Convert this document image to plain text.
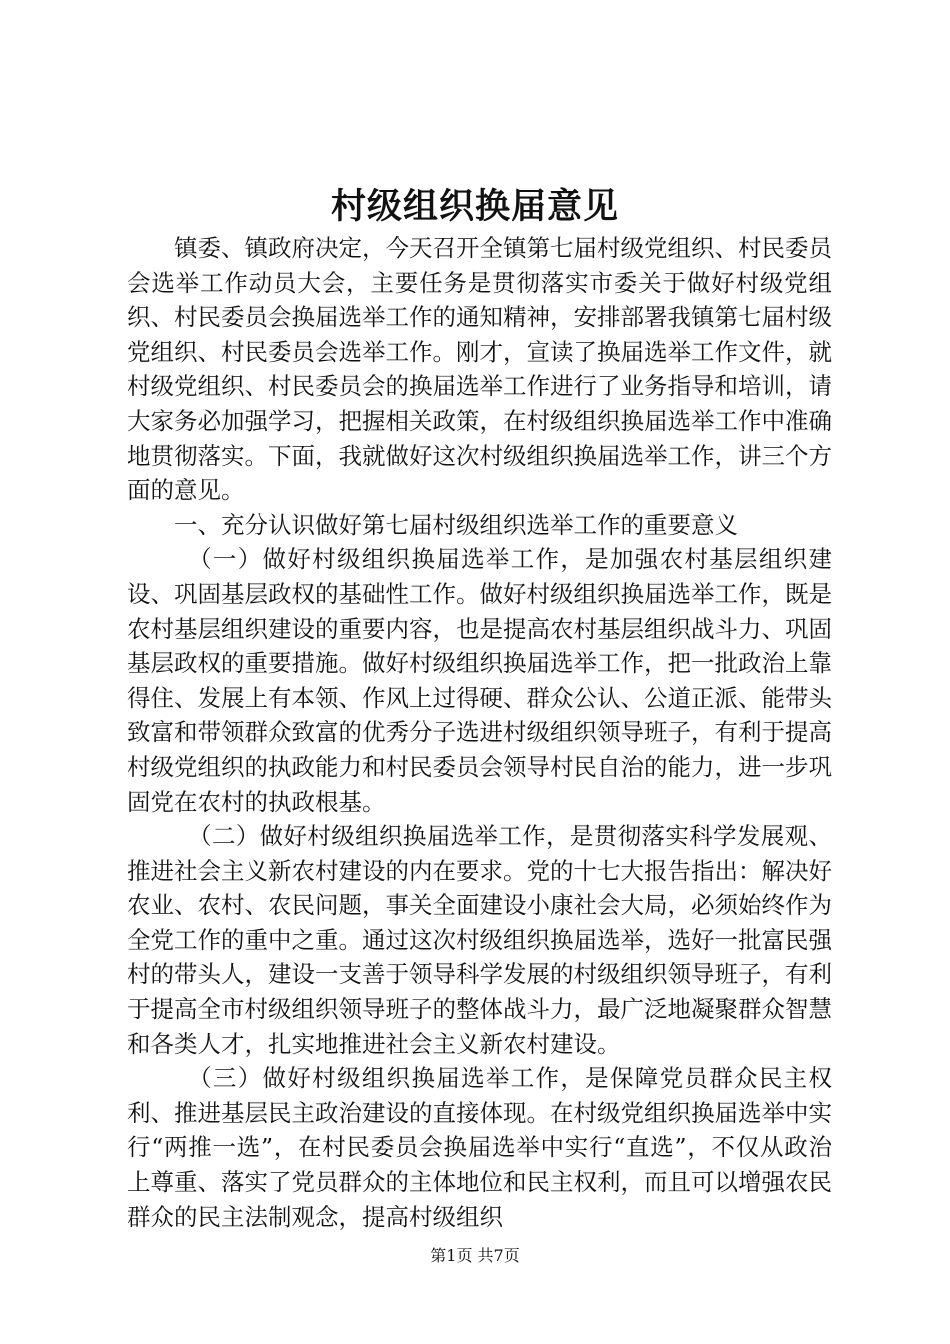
村级组织换届意见

镇委、镇政府决定，今天召开全镇第七届村级党组织、村民委员会选举工作动员大会，主要任务是贯彻落实市委关于做好村级党组织、村民委员会换届选举工作的通知精神，安排部署我镇第七届村级党组织、村民委员会选举工作。刚才，宣读了换届选举工作文件，就村级党组织、村民委员会的换届选举工作进行了业务指导和培训，请大家务必加强学习，把握相关政策，在村级组织换届选举工作中准确地贯彻落实。下面，我就做好这次村级组织换届选举工作，讲三个方面的意见。

一、充分认识做好第七届村级组织选举工作的重要意义

（一）做好村级组织换届选举工作，是加强农村基层组织建设、巩固基层政权的基础性工作。做好村级组织换届选举工作，既是农村基层组织建设的重要内容，也是提高农村基层组织战斗力、巩固基层政权的重要措施。做好村级组织换届选举工作，把一批政治上靠得住、发展上有本领、作风上过得硬、群众公认、公道正派、能带头致富和带领群众致富的优秀分子选进村级组织领导班子，有利于提高村级党组织的执政能力和村民委员会领导村民自治的能力，进一步巩固党在农村的执政根基。

（二）做好村级组织换届选举工作，是贯彻落实科学发展观、推进社会主义新农村建设的内在要求。党的十七大报告指出：解决好农业、农村、农民问题，事关全面建设小康社会大局，必须始终作为全党工作的重中之重。通过这次村级组织换届选举，选好一批富民强村的带头人，建设一支善于领导科学发展的村级组织领导班子，有利于提高全市村级组织领导班子的整体战斗力，最广泛地凝聚群众智慧和各类人才，扎实地推进社会主义新农村建设。

（三）做好村级组织换届选举工作，是保障党员群众民主权利、推进基层民主政治建设的直接体现。在村级党组织换届选举中实行“两推一选”，在村民委员会换届选举中实行“直选”，不仅从政治上尊重、落实了党员群众的主体地位和民主权利，而且可以增强农民群众的民主法制观念，提高村级组织

第1页 共7页
